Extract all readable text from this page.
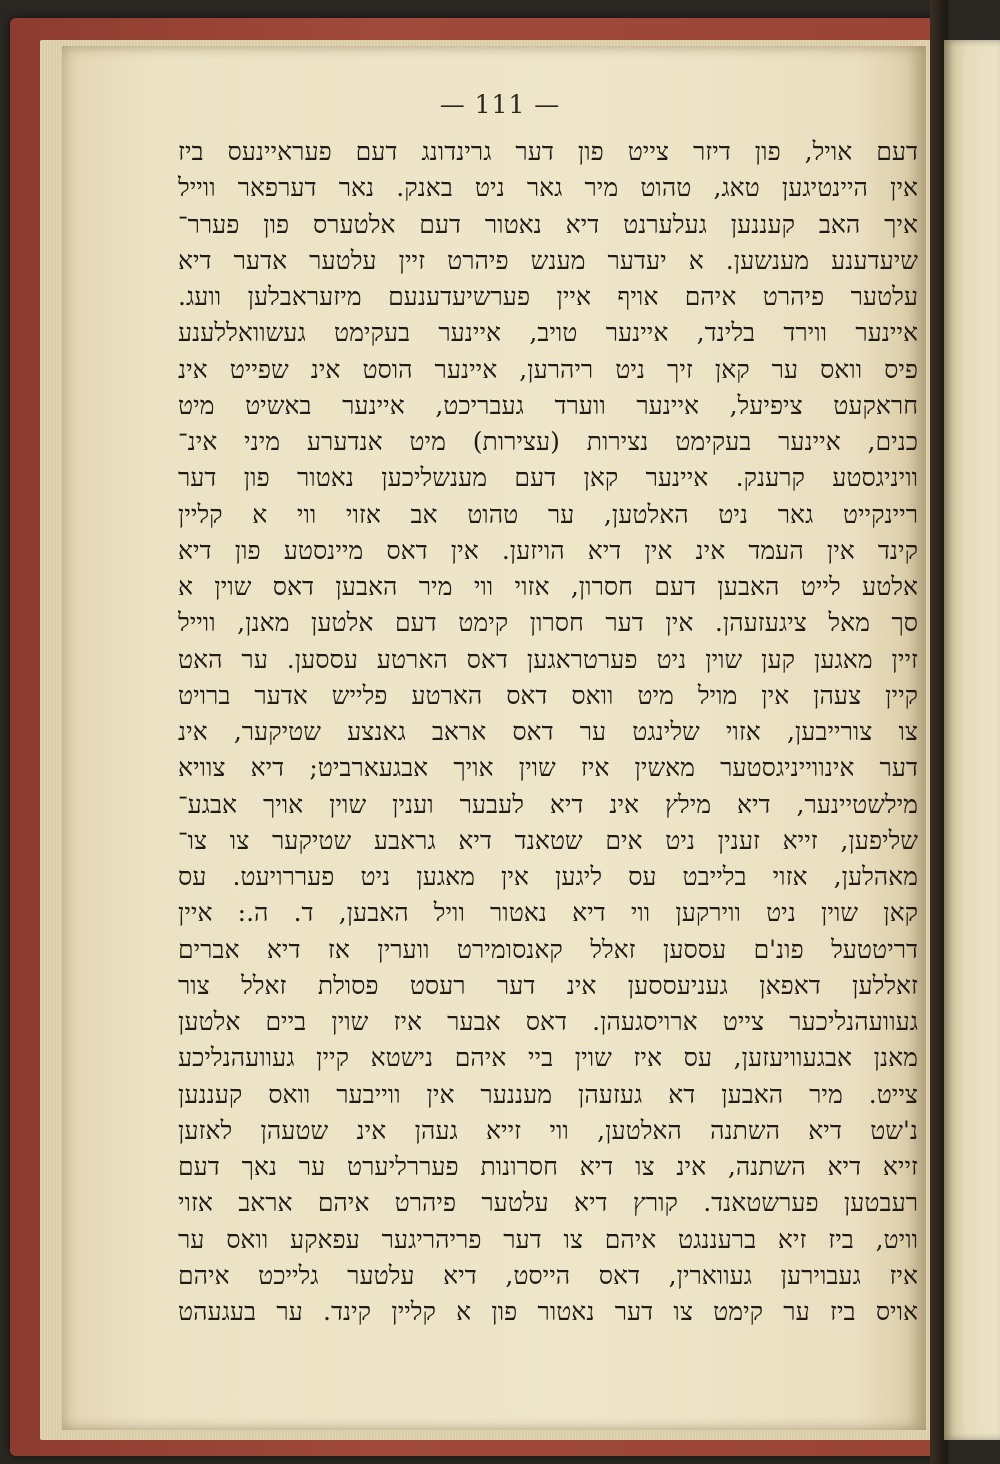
— 111 —
דעם אויל, פון דיזר צייט פון דער גרינדונג דעם פעראיינעס ביז
אין היינטיגען טאג, טהוט מיר גאר ניט באנק. נאר דערפאר ווייל
איך האב קעננען געלערנט דיא נאטור דעם אלטערס פון פערר־
שיעדענע מענשען. א יעדער מענש פיהרט זיין עלטער אדער דיא
עלטער פיהרט איהם אויף איין פערשיעדענעם מיזעראבלען וועג.
איינער ווירד בלינד, איינער טויב, איינער בעקימט געשוואללענע
פיס וואס ער קאן זיך ניט ריהרען, איינער הוסט אינ שפייט אינ
חראקעט ציפיעל, איינער ווערד געבריכט, איינער באשיט מיט
כנים, איינער בעקימט נצירות (עצירות) מיט אנדערע מיני אינ־
וויניגסטע קרענק. איינער קאן דעם מענשליכען נאטור פון דער
ריינקייט גאר ניט האלטען, ער טהוט אב אזוי ווי א קליין
קינד אין העמד אינ אין דיא הויזען. אין דאס מיינסטע פון דיא
אלטע לייט האבען דעם חסרון, אזוי ווי מיר האבען דאס שוין א
סך מאל ציגעזעהן. אין דער חסרון קימט דעם אלטען מאנן, ווייל
זיין מאגען קען שוין ניט פערטראגען דאס הארטע עססען. ער האט
קיין צעהן אין מויל מיט וואס דאס הארטע פלייש אדער ברויט
צו צורייבען, אזוי שלינגט ער דאס אראב גאנצע שטיקער, אינ
דער אינווייניגסטער מאשין איז שוין אויך אבגעארביט; דיא צוויא
מילשטיינער, דיא מילץ אינ דיא לעבער וענין שוין אויך אבגע־
שליפען, זייא זענין ניט אים שטאנד דיא גראבע שטיקער צו צו־
מאהלען, אזוי בלייבט עס ליגען אין מאגען ניט פעררויעט. עס
קאן שוין ניט ווירקען ווי דיא נאטור וויל האבען, ד. ה.: איין
דריטטעל פונ'ם עססען זאלל קאנסומירט ווערין אז דיא אברים
זאללען דאפאן געניעססען אינ דער רעסט פסולת זאלל צור
געוועהנליכער צייט ארויסגעהן. דאס אבער איז שוין ביים אלטען
מאנן אבגעוויעזען, עס איז שוין ביי איהם נישטא קיין געוועהנליכע
צייט. מיר האבען דא געזעהן מעננער אין ווייבער וואס קעננען
נ'שט דיא השתנה האלטען, ווי זייא געהן אינ שטעהן לאזען
זייא דיא השתנה, אינ צו דיא חסרונות פעררליערט ער נאך דעם
רעבטען פערשטאנד. קורץ דיא עלטער פיהרט איהם אראב אזוי
וויט, ביז זיא ברעננגט איהם צו דער פריהריגער עפאקע וואס ער
איז געבוירען געווארין, דאס הייסט, דיא עלטער גלייכט איהם
אויס ביז ער קימט צו דער נאטור פון א קליין קינד. ער בעגעהט
